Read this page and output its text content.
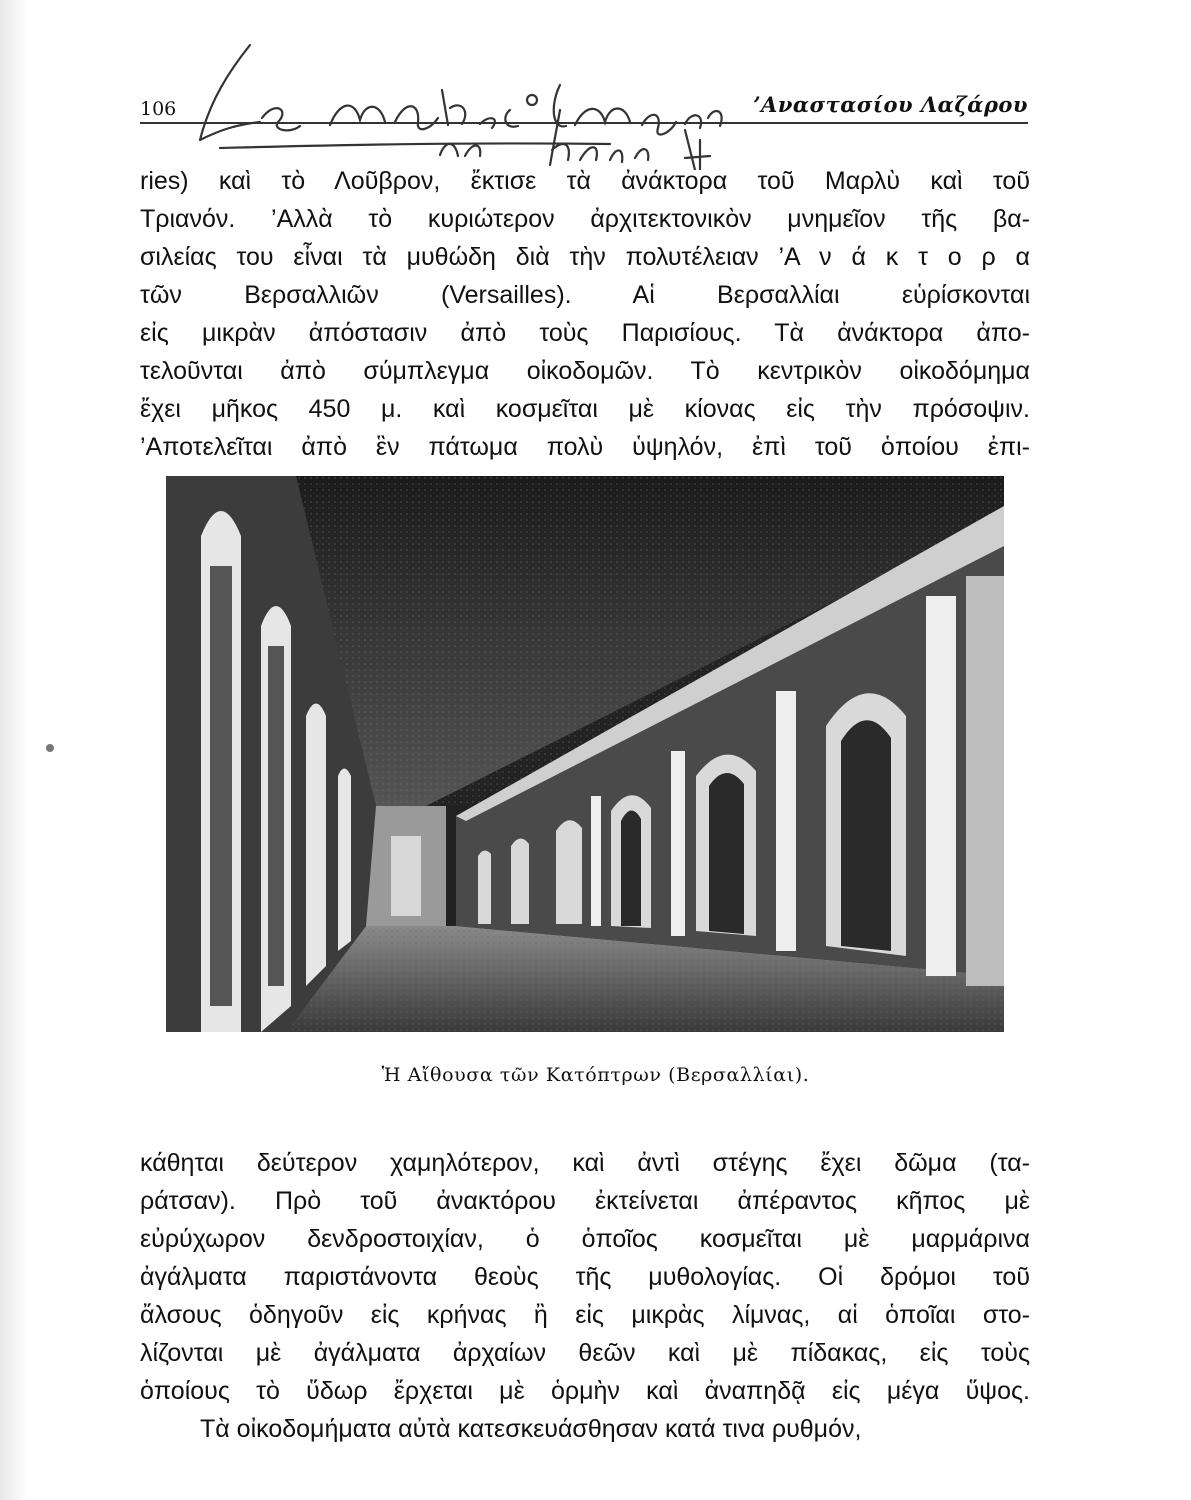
106	’Αναστασίου Λαζάρου
ries) καὶ τὸ Λοῦβρον, ἔκτισε τὰ ἀνάκτορα τοῦ Μαρλὺ καὶ τοῦ
Τριανόν. ’Αλλὰ τὸ κυριώτερον ἀρχιτεκτονικὸν μνημεῖον τῆς βα-
σιλείας του εἶναι τὰ μυθώδη διὰ τὴν πολυτέλειαν ’Α ν ά κ τ ο ρ α
τῶν Βερσαλλιῶν (Versailles). Αἱ Βερσαλλίαι εὑρίσκονται
εἰς μικρὰν ἀπόστασιν ἀπὸ τοὺς Παρισίους. Τὰ ἀνάκτορα ἀπο-
τελοῦνται ἀπὸ σύμπλεγμα οἰκοδομῶν. Τὸ κεντρικὸν οἰκοδόμημα
ἔχει μῆκος 450 μ. καὶ κοσμεῖται μὲ κίονας εἰς τὴν πρόσοψιν.
’Αποτελεῖται ἀπὸ ἓν πάτωμα πολὺ ὑψηλόν, ἐπὶ τοῦ ὁποίου ἐπι-
Ἡ Αἴθουσα τῶν Κατόπτρων (Βερσαλλίαι).
κάθηται δεύτερον χαμηλότερον, καὶ ἀντὶ στέγης ἔχει δῶμα (τα-
ράτσαν). Πρὸ τοῦ ἀνακτόρου ἐκτείνεται ἀπέραντος κῆπος μὲ
εὐρύχωρον δενδροστοιχίαν, ὁ ὁποῖος κοσμεῖται μὲ μαρμάρινα
ἀγάλματα παριστάνοντα θεοὺς τῆς μυθολογίας. Οἱ δρόμοι τοῦ
ἄλσους ὁδηγοῦν εἰς κρήνας ἢ εἰς μικρὰς λίμνας, αἱ ὁποῖαι στο-
λίζονται μὲ ἀγάλματα ἀρχαίων θεῶν καὶ μὲ πίδακας, εἰς τοὺς
ὁποίους τὸ ὕδωρ ἔρχεται μὲ ὁρμὴν καὶ ἀναπηδᾷ εἰς μέγα ὕψος.
Τὰ οἰκοδομήματα αὐτὰ κατεσκευάσθησαν κατά τινα ρυθμόν,
